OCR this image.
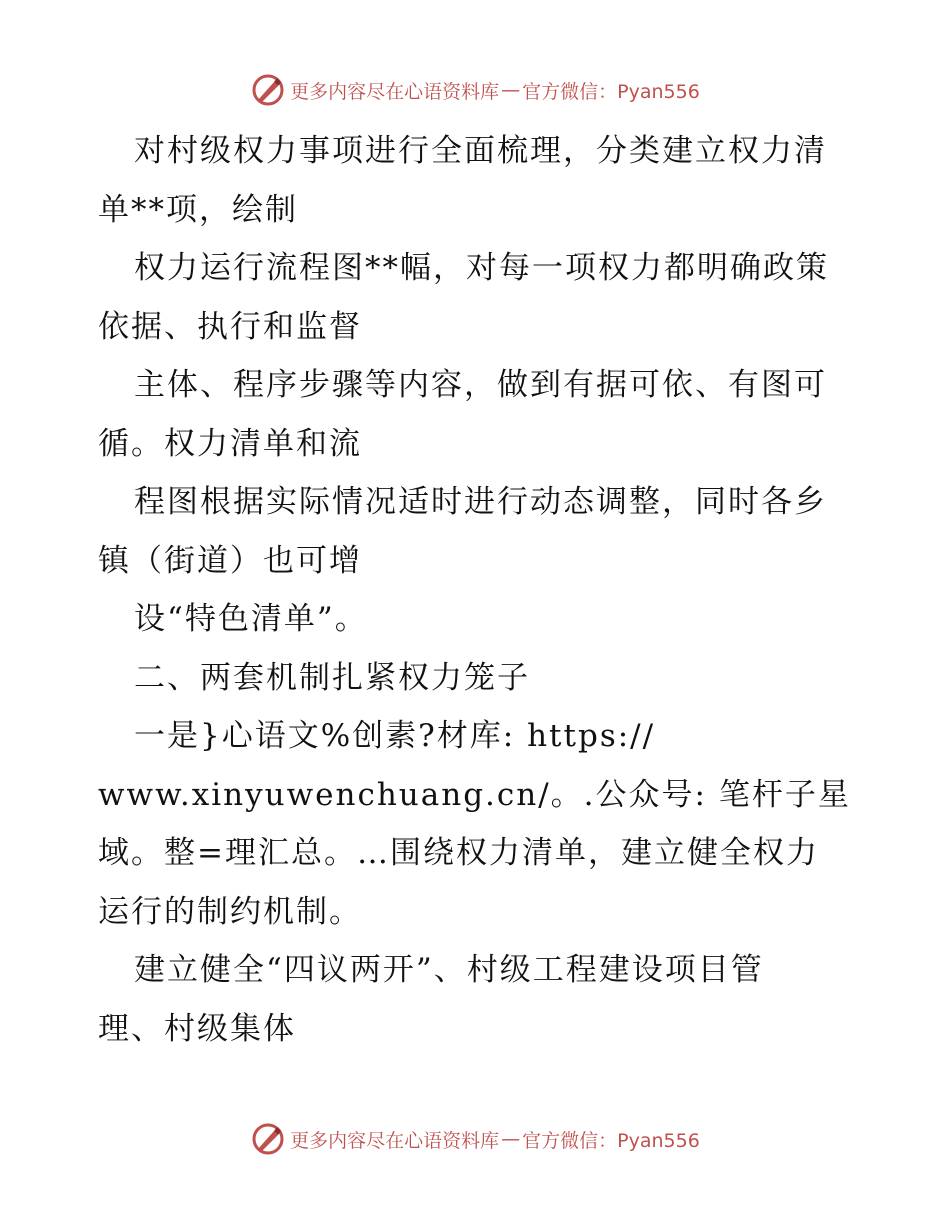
更多内容尽在心语资料库 — 官方微信：Pyan556
对村级权力事项进行全面梳理，分类建立权力清
单**项，绘制
权力运行流程图**幅，对每一项权力都明确政策
依据、执行和监督
主体、程序步骤等内容，做到有据可依、有图可
循。权力清单和流
程图根据实际情况适时进行动态调整，同时各乡
镇（街道）也可增
设“特色清单”。
二、两套机制扎紧权力笼子
一是}心语文%创素?材库: https://
www.xinyuwenchuang.cn/。.公众号: 笔杆子星
域。整=理汇总。…围绕权力清单，建立健全权力
运行的制约机制。
建立健全“四议两开”、村级工程建设项目管
理、村级集体
更多内容尽在心语资料库 — 官方微信：Pyan556
